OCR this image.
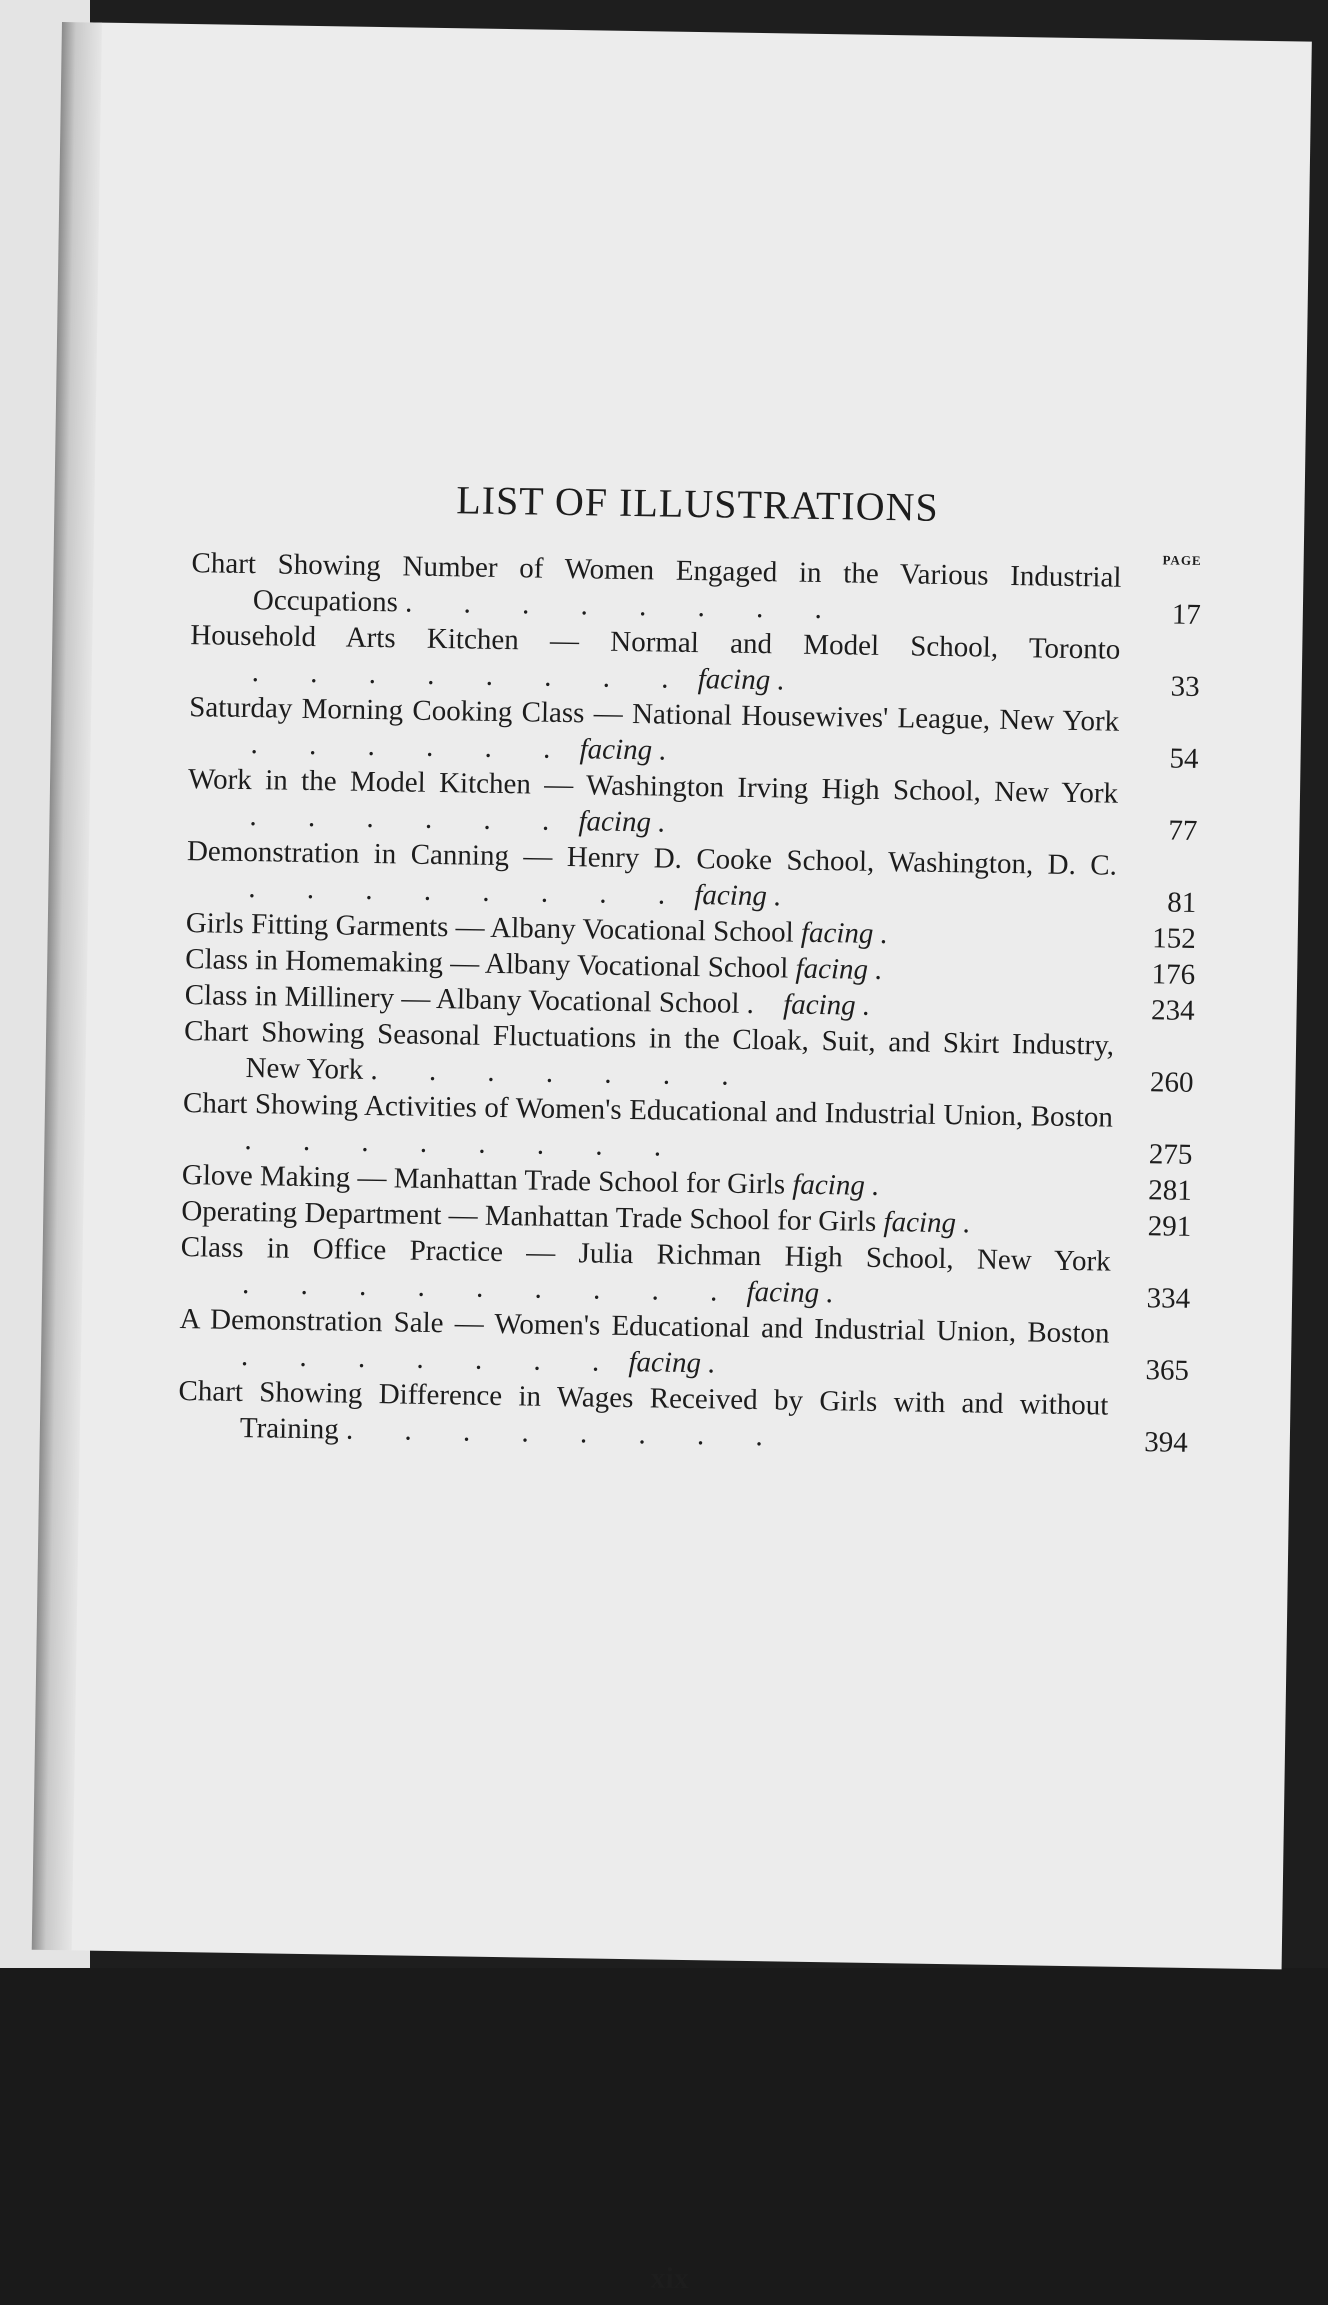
LIST OF ILLUSTRATIONS

PAGE

Chart Showing Number of Women Engaged in the Various Industrial Occupations . . . . . . . .	17
Household Arts Kitchen — Normal and Model School, Toronto . . . . . . . . facing .	33
Saturday Morning Cooking Class — National Housewives' League, New York . . . . . . facing .	54
Work in the Model Kitchen — Washington Irving High School, New York . . . . . . facing .	77
Demonstration in Canning — Henry D. Cooke School, Washington, D. C. . . . . . . . . facing .	81
Girls Fitting Garments — Albany Vocational School facing .	152
Class in Homemaking — Albany Vocational School facing .	176
Class in Millinery — Albany Vocational School . facing .	234
Chart Showing Seasonal Fluctuations in the Cloak, Suit, and Skirt Industry, New York . . . . . . .	260
Chart Showing Activities of Women's Educational and Industrial Union, Boston . . . . . . . .	275
Glove Making — Manhattan Trade School for Girls facing .	281
Operating Department — Manhattan Trade School for Girls facing .	291
Class in Office Practice — Julia Richman High School, New York . . . . . . . . . facing .	334
A Demonstration Sale — Women's Educational and Industrial Union, Boston . . . . . . . facing .	365
Chart Showing Difference in Wages Received by Girls with and without Training . . . . . . . .	394
xix
